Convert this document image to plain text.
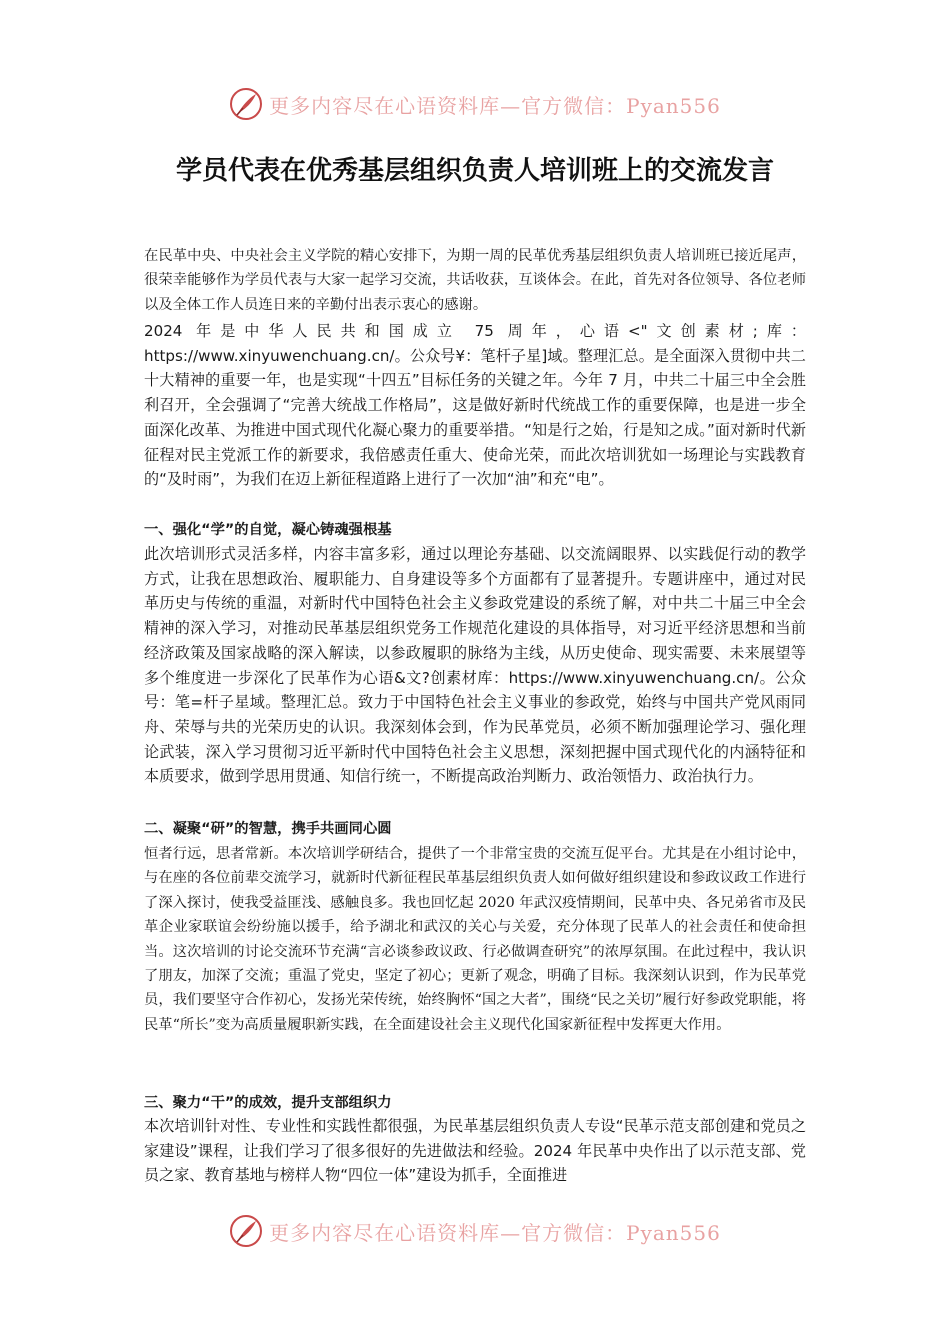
更多内容尽在心语资料库—官方微信：Pyan556
学员代表在优秀基层组织负责人培训班上的交流发言
在民革中央、中央社会主义学院的精心安排下，为期一周的民革优秀基层组织负责人培训班已接近尾声，很荣幸能够作为学员代表与大家一起学习交流，共话收获，互谈体会。在此，首先对各位领导、各位老师以及全体工作人员连日来的辛勤付出表示衷心的感谢。
2024 年是中华人民共和国成立 75 周年，心语<"文创素材;库：https://www.xinyuwenchuang.cn/。公众号¥：笔杆子星]域。整理汇总。是全面深入贯彻中共二十大精神的重要一年，也是实现“十四五”目标任务的关键之年。今年 7 月，中共二十届三中全会胜利召开，全会强调了“完善大统战工作格局”，这是做好新时代统战工作的重要保障，也是进一步全面深化改革、为推进中国式现代化凝心聚力的重要举措。“知是行之始，行是知之成。”面对新时代新征程对民主党派工作的新要求，我倍感责任重大、使命光荣，而此次培训犹如一场理论与实践教育的“及时雨”，为我们在迈上新征程道路上进行了一次加“油”和充“电”。
一、强化“学”的自觉，凝心铸魂强根基
此次培训形式灵活多样，内容丰富多彩，通过以理论夯基础、以交流阔眼界、以实践促行动的教学方式，让我在思想政治、履职能力、自身建设等多个方面都有了显著提升。专题讲座中，通过对民革历史与传统的重温，对新时代中国特色社会主义参政党建设的系统了解，对中共二十届三中全会精神的深入学习，对推动民革基层组织党务工作规范化建设的具体指导，对习近平经济思想和当前经济政策及国家战略的深入解读，以参政履职的脉络为主线，从历史使命、现实需要、未来展望等多个维度进一步深化了民革作为心语&文?创素材库：https://www.xinyuwenchuang.cn/。公众号：笔=杆子星域。整理汇总。致力于中国特色社会主义事业的参政党，始终与中国共产党风雨同舟、荣辱与共的光荣历史的认识。我深刻体会到，作为民革党员，必须不断加强理论学习、强化理论武装，深入学习贯彻习近平新时代中国特色社会主义思想，深刻把握中国式现代化的内涵特征和本质要求，做到学思用贯通、知信行统一，不断提高政治判断力、政治领悟力、政治执行力。
二、凝聚“研”的智慧，携手共画同心圆
恒者行远，思者常新。本次培训学研结合，提供了一个非常宝贵的交流互促平台。尤其是在小组讨论中，与在座的各位前辈交流学习，就新时代新征程民革基层组织负责人如何做好组织建设和参政议政工作进行了深入探讨，使我受益匪浅、感触良多。我也回忆起 2020 年武汉疫情期间，民革中央、各兄弟省市及民革企业家联谊会纷纷施以援手，给予湖北和武汉的关心与关爱，充分体现了民革人的社会责任和使命担当。这次培训的讨论交流环节充满“言必谈参政议政、行必做调查研究”的浓厚氛围。在此过程中，我认识了朋友，加深了交流；重温了党史，坚定了初心；更新了观念，明确了目标。我深刻认识到，作为民革党员，我们要坚守合作初心，发扬光荣传统，始终胸怀“国之大者”，围绕“民之关切”履行好参政党职能，将民革“所长”变为高质量履职新实践，在全面建设社会主义现代化国家新征程中发挥更大作用。
三、聚力“干”的成效，提升支部组织力
本次培训针对性、专业性和实践性都很强，为民革基层组织负责人专设“民革示范支部创建和党员之家建设”课程，让我们学习了很多很好的先进做法和经验。2024 年民革中央作出了以示范支部、党员之家、教育基地与榜样人物“四位一体”建设为抓手，全面推进
更多内容尽在心语资料库—官方微信：Pyan556
